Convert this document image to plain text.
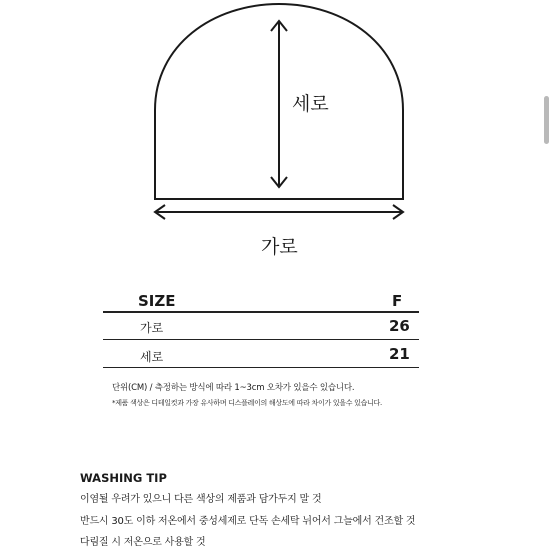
세로
가로
SIZE	F
가로	26
세로	21
단위(CM) / 측정하는 방식에 따라 1~3cm 오차가 있을수 있습니다.
*제품 색상은 디테일컷과 가장 유사하며 디스플레이의 해상도에 따라 차이가 있을수 있습니다.
WASHING TIP
이염될 우려가 있으니 다른 색상의 제품과 담가두지 말 것
반드시 30도 이하 저온에서 중성세제로 단독 손세탁 뉘어서 그늘에서 건조할 것
다림질 시 저온으로 사용할 것
